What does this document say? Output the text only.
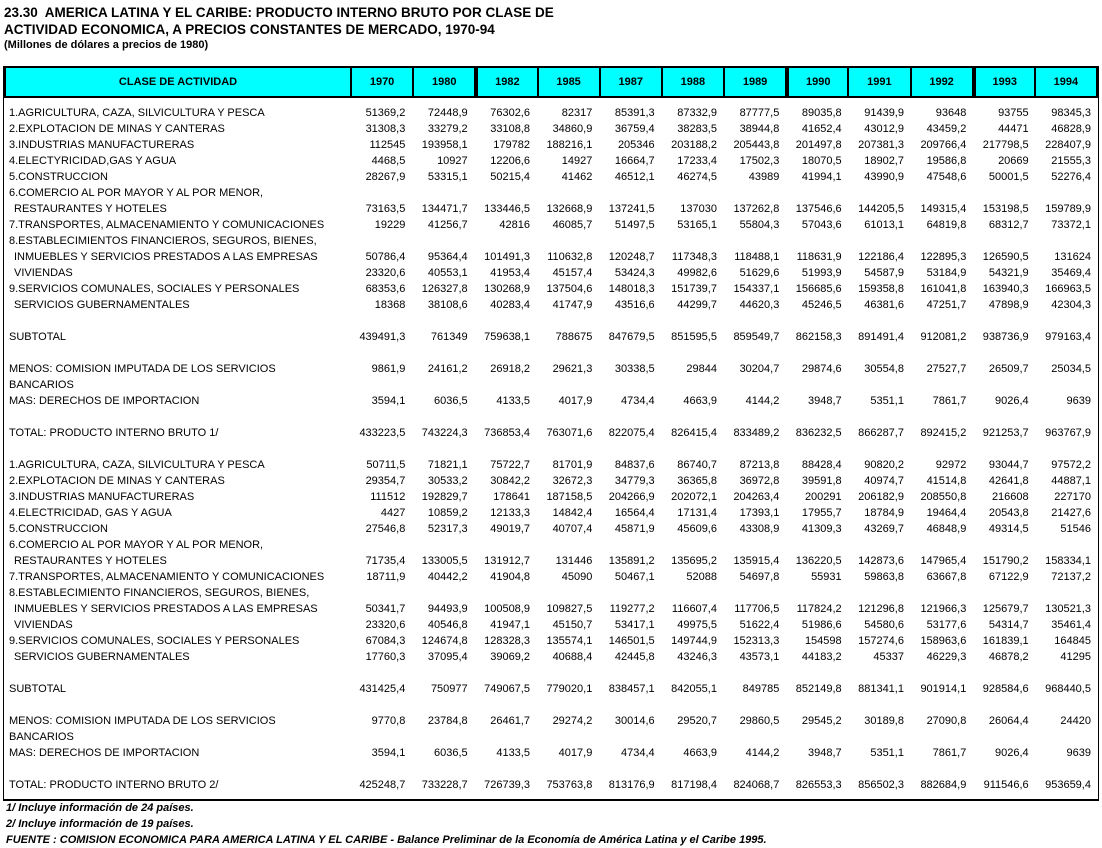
23.30  AMERICA LATINA Y EL CARIBE: PRODUCTO INTERNO BRUTO POR CLASE DE
ACTIVIDAD ECONOMICA, A PRECIOS CONSTANTES DE MERCADO, 1970-94
(Millones de dólares a precios de 1980)
CLASE DE ACTIVIDAD	1970	1980	1982	1985	1987	1988	1989	1990	1991	1992	1993	1994
1.AGRICULTURA, CAZA, SILVICULTURA Y PESCA	51369,2	72448,9	76302,6	82317	85391,3	87332,9	87777,5	89035,8	91439,9	93648	93755	98345,3
2.EXPLOTACION DE MINAS Y CANTERAS	31308,3	33279,2	33108,8	34860,9	36759,4	38283,5	38944,8	41652,4	43012,9	43459,2	44471	46828,9
3.INDUSTRIAS MANUFACTURERAS	112545	193958,1	179782	188216,1	205346	203188,2	205443,8	201497,8	207381,3	209766,4	217798,5	228407,9
4.ELECTYRICIDAD,GAS Y AGUA	4468,5	10927	12206,6	14927	16664,7	17233,4	17502,3	18070,5	18902,7	19586,8	20669	21555,3
5.CONSTRUCCION	28267,9	53315,1	50215,4	41462	46512,1	46274,5	43989	41994,1	43990,9	47548,6	50001,5	52276,4
6.COMERCIO AL POR MAYOR Y AL POR MENOR,
RESTAURANTES Y HOTELES	73163,5	134471,7	133446,5	132668,9	137241,5	137030	137262,8	137546,6	144205,5	149315,4	153198,5	159789,9
7.TRANSPORTES, ALMACENAMIENTO Y COMUNICACIONES	19229	41256,7	42816	46085,7	51497,5	53165,1	55804,3	57043,6	61013,1	64819,8	68312,7	73372,1
8.ESTABLECIMIENTOS FINANCIEROS, SEGUROS, BIENES,
INMUEBLES Y SERVICIOS PRESTADOS A LAS EMPRESAS	50786,4	95364,4	101491,3	110632,8	120248,7	117348,3	118488,1	118631,9	122186,4	122895,3	126590,5	131624
VIVIENDAS	23320,6	40553,1	41953,4	45157,4	53424,3	49982,6	51629,6	51993,9	54587,9	53184,9	54321,9	35469,4
9.SERVICIOS COMUNALES, SOCIALES Y PERSONALES	68353,6	126327,8	130268,9	137504,6	148018,3	151739,7	154337,1	156685,6	159358,8	161041,8	163940,3	166963,5
SERVICIOS GUBERNAMENTALES	18368	38108,6	40283,4	41747,9	43516,6	44299,7	44620,3	45246,5	46381,6	47251,7	47898,9	42304,3
SUBTOTAL	439491,3	761349	759638,1	788675	847679,5	851595,5	859549,7	862158,3	891491,4	912081,2	938736,9	979163,4
MENOS: COMISION IMPUTADA DE LOS SERVICIOS	9861,9	24161,2	26918,2	29621,3	30338,5	29844	30204,7	29874,6	30554,8	27527,7	26509,7	25034,5
BANCARIOS
MAS: DERECHOS DE IMPORTACION	3594,1	6036,5	4133,5	4017,9	4734,4	4663,9	4144,2	3948,7	5351,1	7861,7	9026,4	9639
TOTAL: PRODUCTO INTERNO BRUTO 1/	433223,5	743224,3	736853,4	763071,6	822075,4	826415,4	833489,2	836232,5	866287,7	892415,2	921253,7	963767,9
1.AGRICULTURA, CAZA, SILVICULTURA Y PESCA	50711,5	71821,1	75722,7	81701,9	84837,6	86740,7	87213,8	88428,4	90820,2	92972	93044,7	97572,2
2.EXPLOTACION DE MINAS Y CANTERAS	29354,7	30533,2	30842,2	32672,3	34779,3	36365,8	36972,8	39591,8	40974,7	41514,8	42641,8	44887,1
3.INDUSTRIAS MANUFACTURERAS	111512	192829,7	178641	187158,5	204266,9	202072,1	204263,4	200291	206182,9	208550,8	216608	227170
4.ELECTRICIDAD, GAS Y AGUA	4427	10859,2	12133,3	14842,4	16564,4	17131,4	17393,1	17955,7	18784,9	19464,4	20543,8	21427,6
5.CONSTRUCCION	27546,8	52317,3	49019,7	40707,4	45871,9	45609,6	43308,9	41309,3	43269,7	46848,9	49314,5	51546
6.COMERCIO AL POR MAYOR Y AL POR MENOR,
RESTAURANTES Y HOTELES	71735,4	133005,5	131912,7	131446	135891,2	135695,2	135915,4	136220,5	142873,6	147965,4	151790,2	158334,1
7.TRANSPORTES, ALMACENAMIENTO Y COMUNICACIONES	18711,9	40442,2	41904,8	45090	50467,1	52088	54697,8	55931	59863,8	63667,8	67122,9	72137,2
8.ESTABLECIMIENTO FINANCIEROS, SEGUROS, BIENES,
INMUEBLES Y SERVICIOS PRESTADOS A LAS EMPRESAS	50341,7	94493,9	100508,9	109827,5	119277,2	116607,4	117706,5	117824,2	121296,8	121966,3	125679,7	130521,3
VIVIENDAS	23320,6	40546,8	41947,1	45150,7	53417,1	49975,5	51622,4	51986,6	54580,6	53177,6	54314,7	35461,4
9.SERVICIOS COMUNALES, SOCIALES Y PERSONALES	67084,3	124674,8	128328,3	135574,1	146501,5	149744,9	152313,3	154598	157274,6	158963,6	161839,1	164845
SERVICIOS GUBERNAMENTALES	17760,3	37095,4	39069,2	40688,4	42445,8	43246,3	43573,1	44183,2	45337	46229,3	46878,2	41295
SUBTOTAL	431425,4	750977	749067,5	779020,1	838457,1	842055,1	849785	852149,8	881341,1	901914,1	928584,6	968440,5
MENOS: COMISION IMPUTADA DE LOS SERVICIOS	9770,8	23784,8	26461,7	29274,2	30014,6	29520,7	29860,5	29545,2	30189,8	27090,8	26064,4	24420
BANCARIOS
MAS: DERECHOS DE IMPORTACION	3594,1	6036,5	4133,5	4017,9	4734,4	4663,9	4144,2	3948,7	5351,1	7861,7	9026,4	9639
TOTAL: PRODUCTO INTERNO BRUTO 2/	425248,7	733228,7	726739,3	753763,8	813176,9	817198,4	824068,7	826553,3	856502,3	882684,9	911546,6	953659,4
1/ Incluye información de 24 países.
2/ Incluye información de 19 países.
FUENTE : COMISION ECONOMICA PARA AMERICA LATINA Y EL CARIBE - Balance Preliminar de la Economía de América Latina y el Caribe 1995.
